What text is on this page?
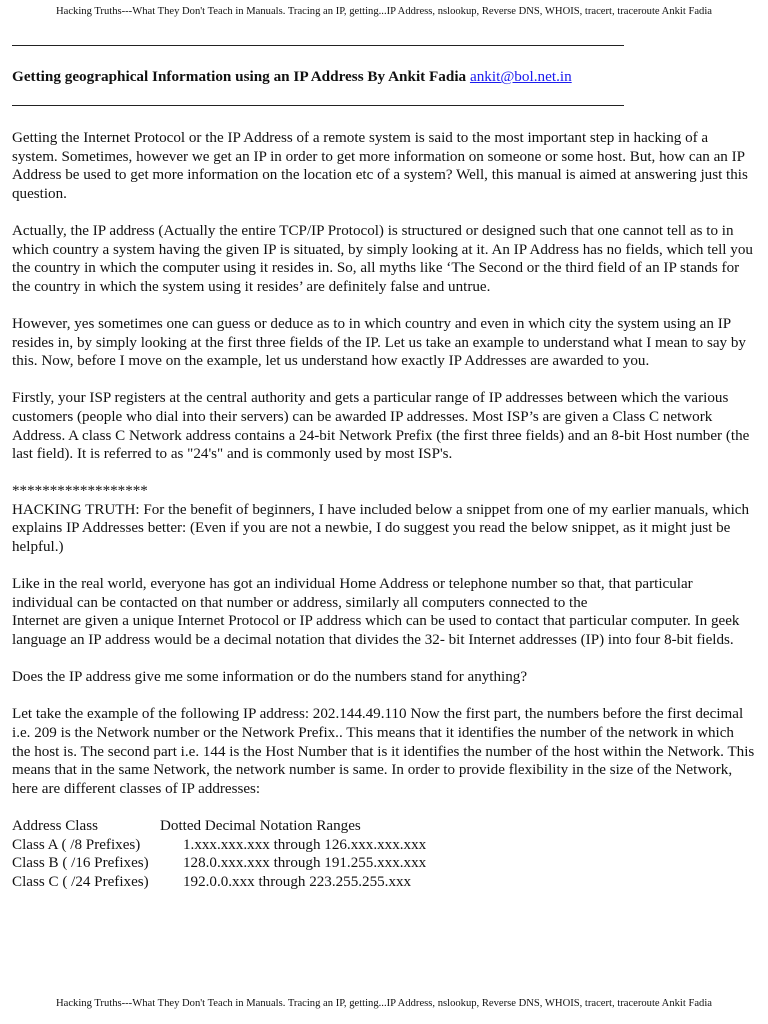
Hacking Truths---What They Don't Teach in Manuals. Tracing an IP, getting...IP Address, nslookup, Reverse DNS, WHOIS, tracert, traceroute Ankit Fadia
Getting geographical Information using an IP Address By Ankit Fadia ankit@bol.net.in

Getting the Internet Protocol or the IP Address of a remote system is said to the most important step in hacking of a system. Sometimes, however we get an IP in order to get more information on someone or some host. But, how can an IP Address be used to get more information on the location etc of a system? Well, this manual is aimed at answering just this question.

Actually, the IP address (Actually the entire TCP/IP Protocol) is structured or designed such that one cannot tell as to in which country a system having the given IP is situated, by simply looking at it. An IP Address has no fields, which tell you the country in which the computer using it resides in. So, all myths like ‘The Second or the third field of an IP stands for the country in which the system using it resides’ are definitely false and untrue.

However, yes sometimes one can guess or deduce as to in which country and even in which city the system using an IP resides in, by simply looking at the first three fields of the IP. Let us take an example to understand what I mean to say by this. Now, before I move on the example, let us understand how exactly IP Addresses are awarded to you.

Firstly, your ISP registers at the central authority and gets a particular range of IP addresses between which the various customers (people who dial into their servers) can be awarded IP addresses. Most ISP’s are given a Class C network Address. A class C Network address contains a 24-bit Network Prefix (the first three fields) and an 8-bit Host number (the last field). It is referred to as "24's" and is commonly used by most ISP's.

******************

HACKING TRUTH: For the benefit of beginners, I have included below a snippet from one of my earlier manuals, which explains IP Addresses better: (Even if you are not a newbie, I do suggest you read the below snippet, as it might just be helpful.)

Like in the real world, everyone has got an individual Home Address or telephone number so that, that particular individual can be contacted on that number or address, similarly all computers connected to the

Internet are given a unique Internet Protocol or IP address which can be used to contact that particular computer. In geek language an IP address would be a decimal notation that divides the 32- bit Internet addresses (IP) into four 8-bit fields.

Does the IP address give me some information or do the numbers stand for anything?

Let take the example of the following IP address: 202.144.49.110 Now the first part, the numbers before the first decimal i.e. 209 is the Network number or the Network Prefix.. This means that it identifies the number of the network in which the host is. The second part i.e. 144 is the Host Number that is it identifies the number of the host within the Network. This means that in the same Network, the network number is same. In order to provide flexibility in the size of the Network, here are different classes of IP addresses:

Address Class	Dotted Decimal Notation Ranges
Class A ( /8 Prefixes)	1.xxx.xxx.xxx through 126.xxx.xxx.xxx
Class B ( /16 Prefixes)	128.0.xxx.xxx through 191.255.xxx.xxx
Class C ( /24 Prefixes)	192.0.0.xxx through 223.255.255.xxx
Hacking Truths---What They Don't Teach in Manuals. Tracing an IP, getting...IP Address, nslookup, Reverse DNS, WHOIS, tracert, traceroute Ankit Fadia
